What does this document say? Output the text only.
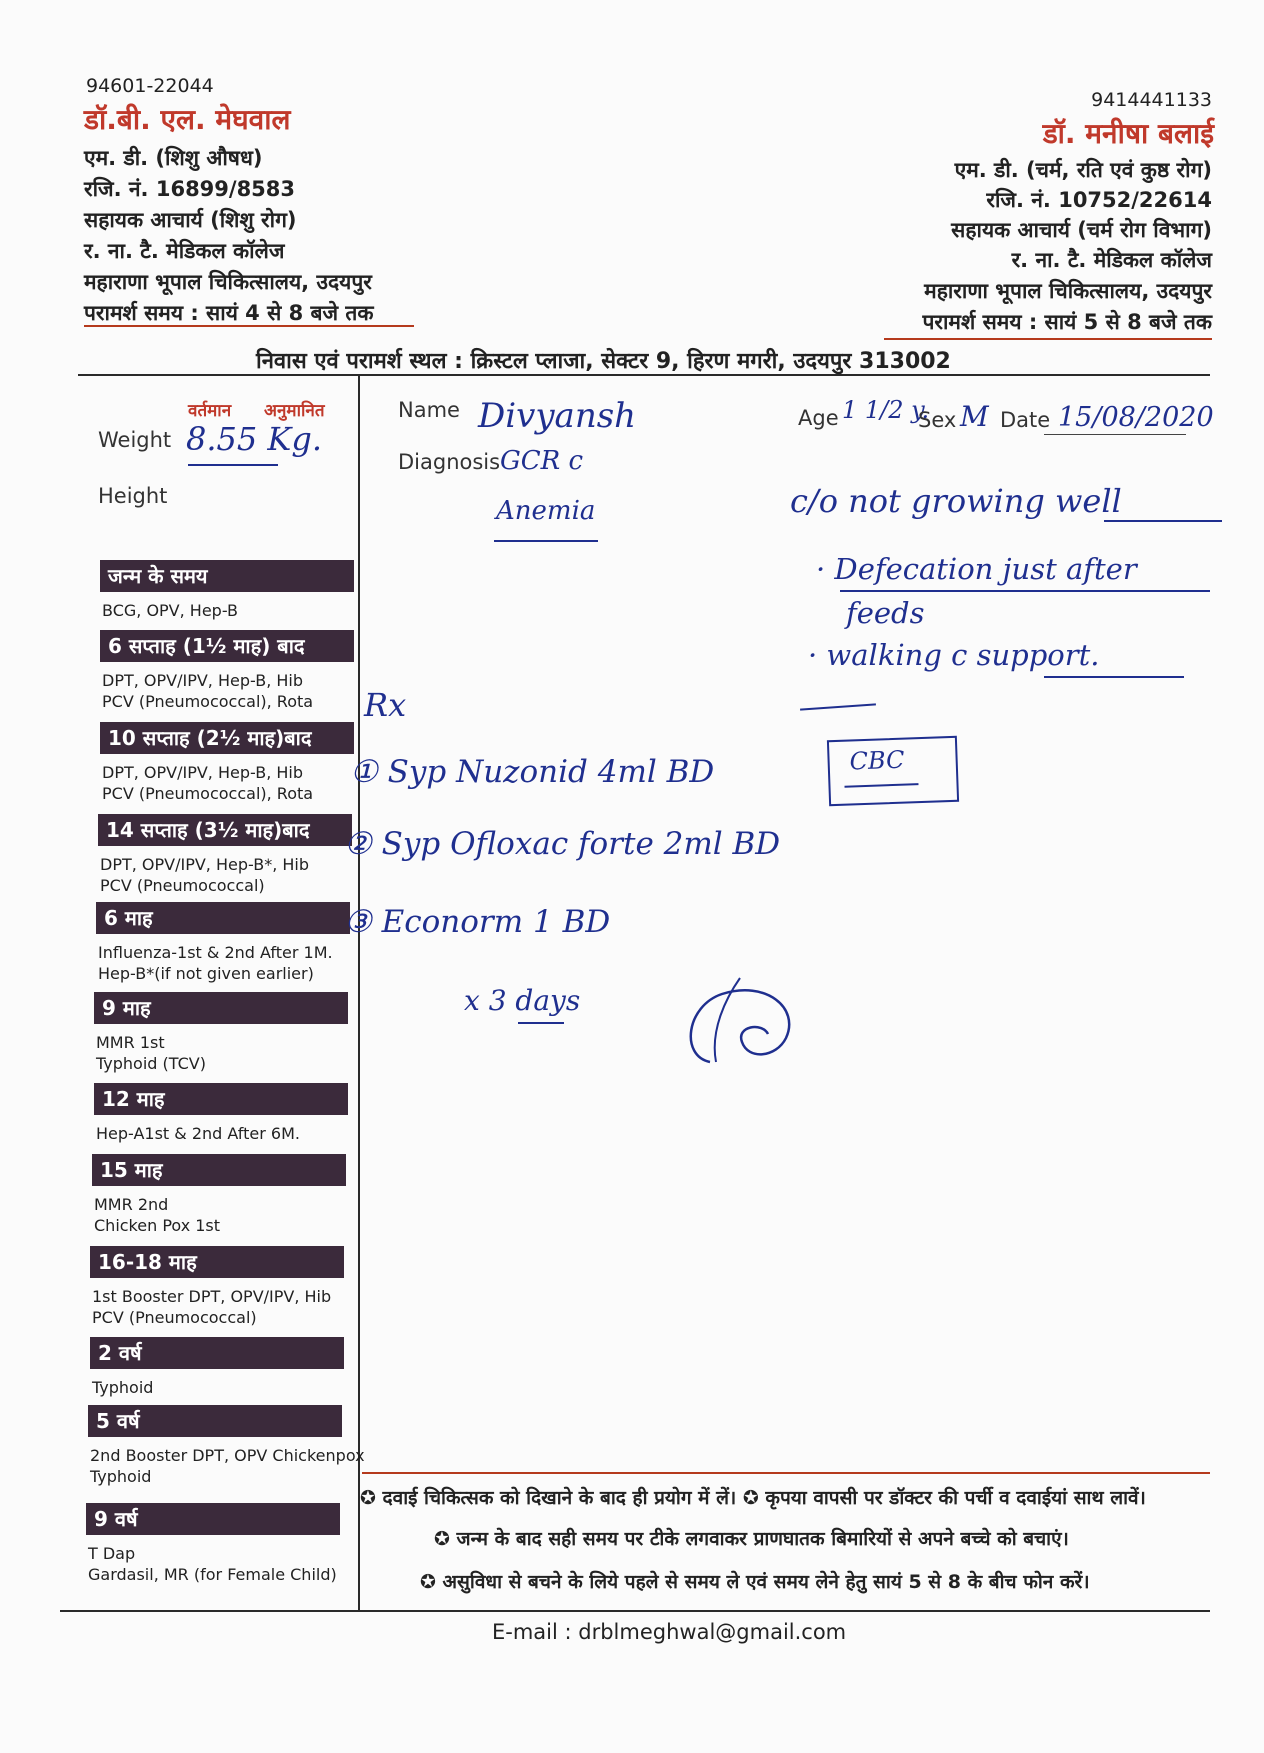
94601-22044
डॉ.बी. एल. मेघवाल
एम. डी. (शिशु औषध)
रजि. नं. 16899/8583
सहायक आचार्य (शिशु रोग)
र. ना. टै. मेडिकल कॉलेज
महाराणा भूपाल चिकित्सालय, उदयपुर
परामर्श समय : सायं 4 से 8 बजे तक
9414441133
डॉ. मनीषा बलाई
एम. डी. (चर्म, रति एवं कुष्ठ रोग)
रजि. नं. 10752/22614
सहायक आचार्य (चर्म रोग विभाग)
र. ना. टै. मेडिकल कॉलेज
महाराणा भूपाल चिकित्सालय, उदयपुर
परामर्श समय : सायं 5 से 8 बजे तक
निवास एवं परामर्श स्थल : क्रिस्टल प्लाजा, सेक्टर 9, हिरण मगरी, उदयपुर 313002
वर्तमान अनुमानित
Weight 8.55 Kg.
Height
जन्म के समय
BCG, OPV, Hep-B
6 सप्ताह (1½ माह) बाद
DPT, OPV/IPV, Hep-B, Hib
PCV (Pneumococcal), Rota
10 सप्ताह (2½ माह)बाद
DPT, OPV/IPV, Hep-B, Hib
PCV (Pneumococcal), Rota
14 सप्ताह (3½ माह)बाद
DPT, OPV/IPV, Hep-B*, Hib
PCV (Pneumococcal)
6 माह
Influenza-1st & 2nd After 1M.
Hep-B*(if not given earlier)
9 माह
MMR 1st
Typhoid (TCV)
12 माह
Hep-A1st & 2nd After 6M.
15 माह
MMR 2nd
Chicken Pox 1st
16-18 माह
1st Booster DPT, OPV/IPV, Hib
PCV (Pneumococcal)
2 वर्ष
Typhoid
5 वर्ष
2nd Booster DPT, OPV Chickenpox
Typhoid
9 वर्ष
T Dap
Gardasil, MR (for Female Child)
Name Divyansh	Age 1 1/2 y.
Sex M Date 15/08/2020
Diagnosis GCR c
Anemia	c/o not growing well
· Defecation just after
feeds
· walking c support.
Rx
① Syp Nuzonid 4ml BD
② Syp Ofloxac forte 2ml BD
③ Econorm 1 BD
x 3 days
CBC
✪ दवाई चिकित्सक को दिखाने के बाद ही प्रयोग में लें। ✪ कृपया वापसी पर डॉक्टर की पर्ची व दवाईयां साथ लावें।
✪ जन्म के बाद सही समय पर टीके लगवाकर प्राणघातक बिमारियों से अपने बच्चे को बचाएं।
✪ असुविधा से बचने के लिये पहले से समय ले एवं समय लेने हेतु सायं 5 से 8 के बीच फोन करें।
E-mail : drblmeghwal@gmail.com
